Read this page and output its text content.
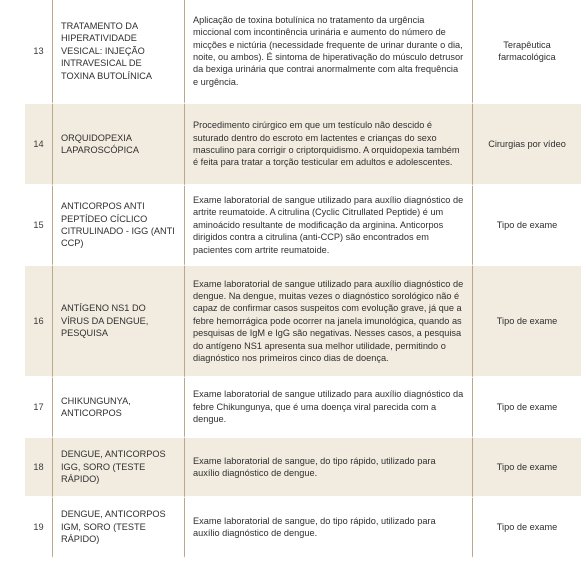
13	TRATAMENTO DA HIPERATIVIDADE VESICAL: INJEÇÃO INTRAVESICAL DE TOXINA BUTOLÍNICA	Aplicação de toxina botulínica no tratamento da urgência miccional com incontinência urinária e aumento do número de micções e nictúria (necessidade frequente de urinar durante o dia, noite, ou ambos). É sintoma de hiperativação do músculo detrusor da bexiga urinária que contrai anormalmente com alta frequência e urgência.	Terapêutica farmacológica
14	ORQUIDOPEXIA LAPAROSCÓPICA	Procedimento cirúrgico em que um testículo não descido é suturado dentro do escroto em lactentes e crianças do sexo masculino para corrigir o criptorquidismo. A orquidopexia também é feita para tratar a torção testicular em adultos e adolescentes.	Cirurgias por vídeo
15	ANTICORPOS ANTI PEPTÍDEO CÍCLICO CITRULINADO - IGG (ANTI CCP)	Exame laboratorial de sangue utilizado para auxílio diagnóstico de artrite reumatoide. A citrulina (Cyclic Citrullated Peptide) é um aminoácido resultante de modificação da arginina. Anticorpos dirigidos contra a citrulina (anti-CCP) são encontrados em pacientes com artrite reumatoide.	Tipo de exame
16	ANTÍGENO NS1 DO VÍRUS DA DENGUE, PESQUISA	Exame laboratorial de sangue utilizado para auxílio diagnóstico de dengue. Na dengue, muitas vezes o diagnóstico sorológico não é capaz de confirmar casos suspeitos com evolução grave, já que a febre hemorrágica pode ocorrer na janela imunológica, quando as pesquisas de IgM e IgG são negativas. Nesses casos, a pesquisa do antígeno NS1 apresenta sua melhor utilidade, permitindo o diagnóstico nos primeiros cinco dias de doença.	Tipo de exame
17	CHIKUNGUNYA, ANTICORPOS	Exame laboratorial de sangue utilizado para auxílio diagnóstico da febre Chikungunya, que é uma doença viral parecida com a dengue.	Tipo de exame
18	DENGUE, ANTICORPOS IGG, SORO (TESTE RÁPIDO)	Exame laboratorial de sangue, do tipo rápido, utilizado para auxílio diagnóstico de dengue.	Tipo de exame
19	DENGUE, ANTICORPOS IGM, SORO (TESTE RÁPIDO)	Exame laboratorial de sangue, do tipo rápido, utilizado para auxílio diagnóstico de dengue.	Tipo de exame
